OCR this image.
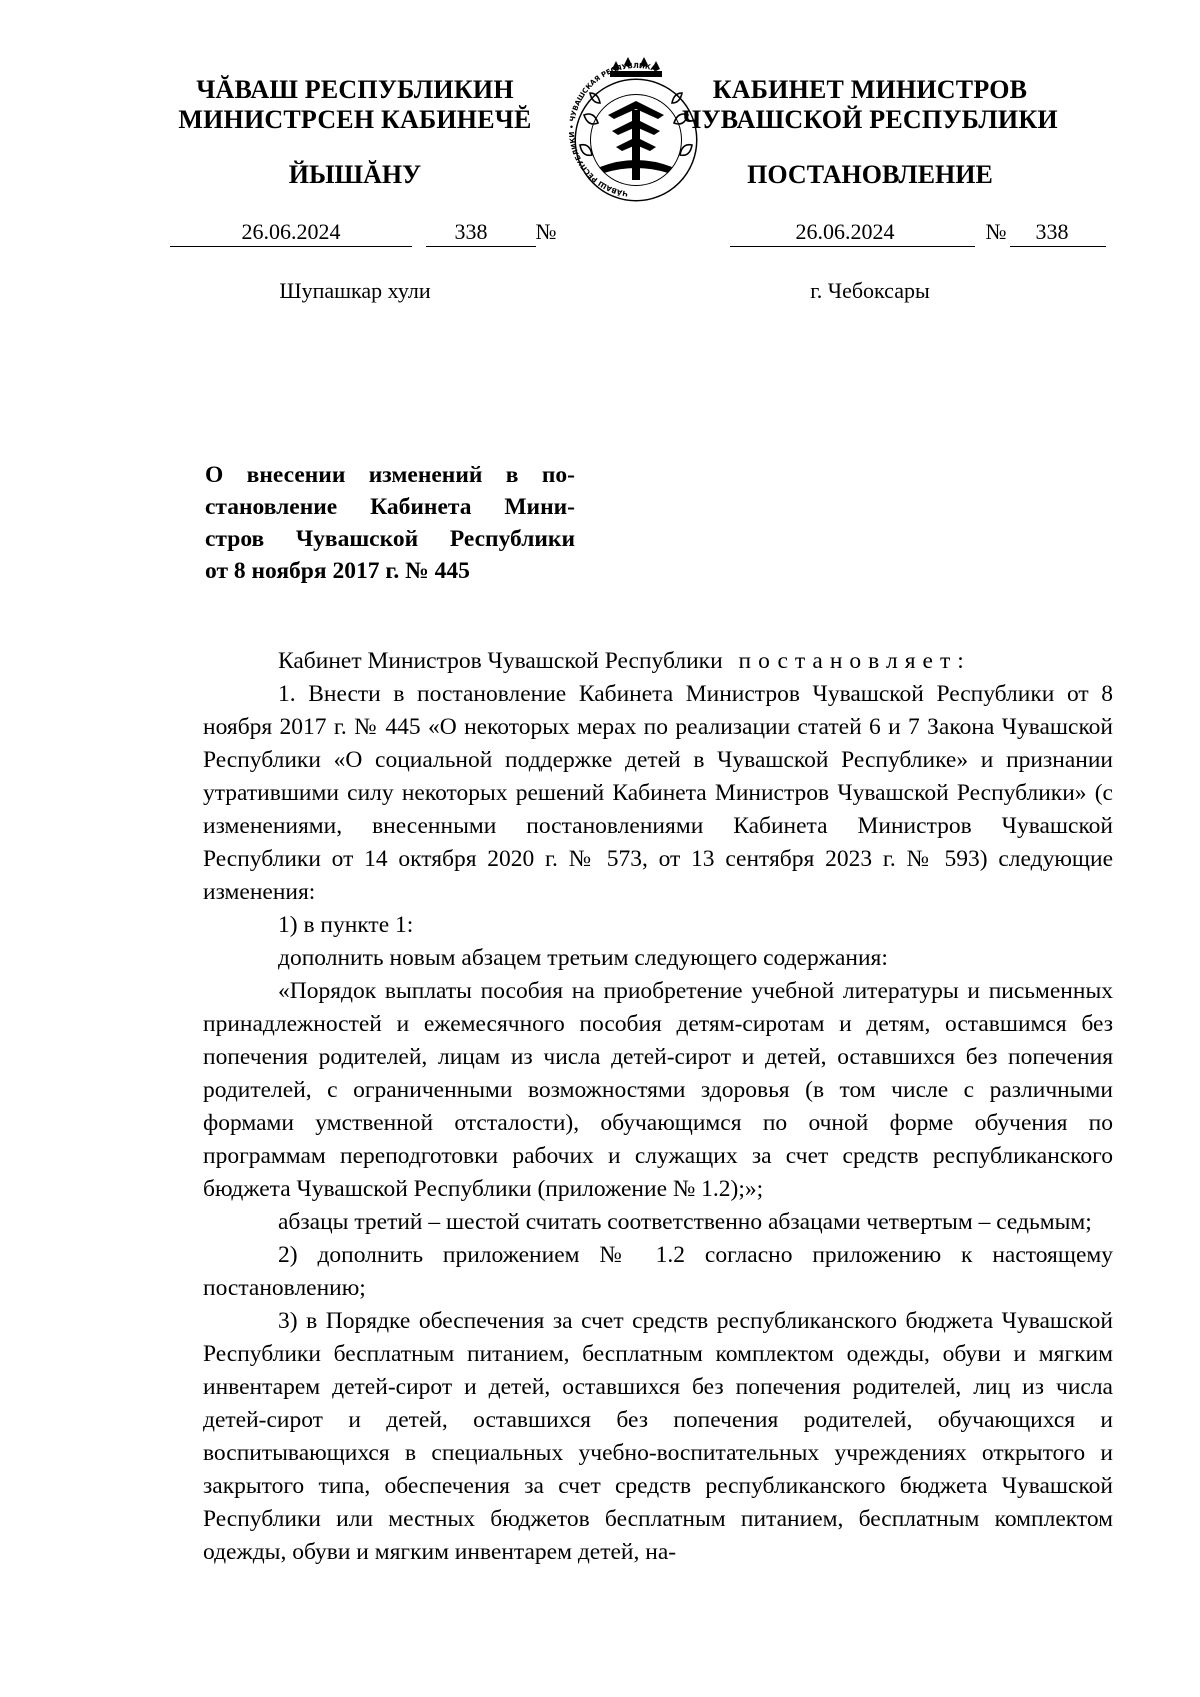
ЧĂВАШ РЕСПУБЛИКИН
МИНИСТРСЕН КАБИНЕЧĔ
ЙЫШĂНУ
26.06.2024	338	№
Шупашкар хули
ЧĂВАШ РЕСПУБЛИКИ • ЧУВАШСКАЯ РЕСПУБЛИКА
КАБИНЕТ МИНИСТРОВ
ЧУВАШСКОЙ РЕСПУБЛИКИ
ПОСТАНОВЛЕНИЕ
26.06.2024	№	338
г. Чебоксары
О внесении изменений в по-
становление Кабинета Мини-
стров Чувашской Республики
от 8 ноября 2017 г. № 445

Кабинет Министров Чувашской Республики постановляет:

1. Внести в постановление Кабинета Министров Чувашской Республики от 8 ноября 2017 г. № 445 «О некоторых мерах по реализации статей 6 и 7 Закона Чувашской Республики «О социальной поддержке детей в Чувашской Республике» и признании утратившими силу некоторых решений Кабинета Министров Чувашской Республики» (с изменениями, внесенными постановлениями Кабинета Министров Чувашской Республики от 14 октября 2020 г. № 573, от 13 сентября 2023 г. № 593) следующие изменения:

1) в пункте 1:

дополнить новым абзацем третьим следующего содержания:

«Порядок выплаты пособия на приобретение учебной литературы и письменных принадлежностей и ежемесячного пособия детям-сиротам и детям, оставшимся без попечения родителей, лицам из числа детей-сирот и детей, оставшихся без попечения родителей, с ограниченными возможностями здоровья (в том числе с различными формами умственной отсталости), обучающимся по очной форме обучения по программам переподготовки рабочих и служащих за счет средств республиканского бюджета Чувашской Республики (приложение № 1.2);»;

абзацы третий – шестой считать соответственно абзацами четвертым – седьмым;

2) дополнить приложением № 1.2 согласно приложению к настоящему постановлению;

3) в Порядке обеспечения за счет средств республиканского бюджета Чувашской Республики бесплатным питанием, бесплатным комплектом одежды, обуви и мягким инвентарем детей-сирот и детей, оставшихся без попечения родителей, лиц из числа детей-сирот и детей, оставшихся без попечения родителей, обучающихся и воспитывающихся в специальных учебно-воспитательных учреждениях открытого и закрытого типа, обеспечения за счет средств республиканского бюджета Чувашской Республики или местных бюджетов бесплатным питанием, бесплатным комплектом одежды, обуви и мягким инвентарем детей, на-
